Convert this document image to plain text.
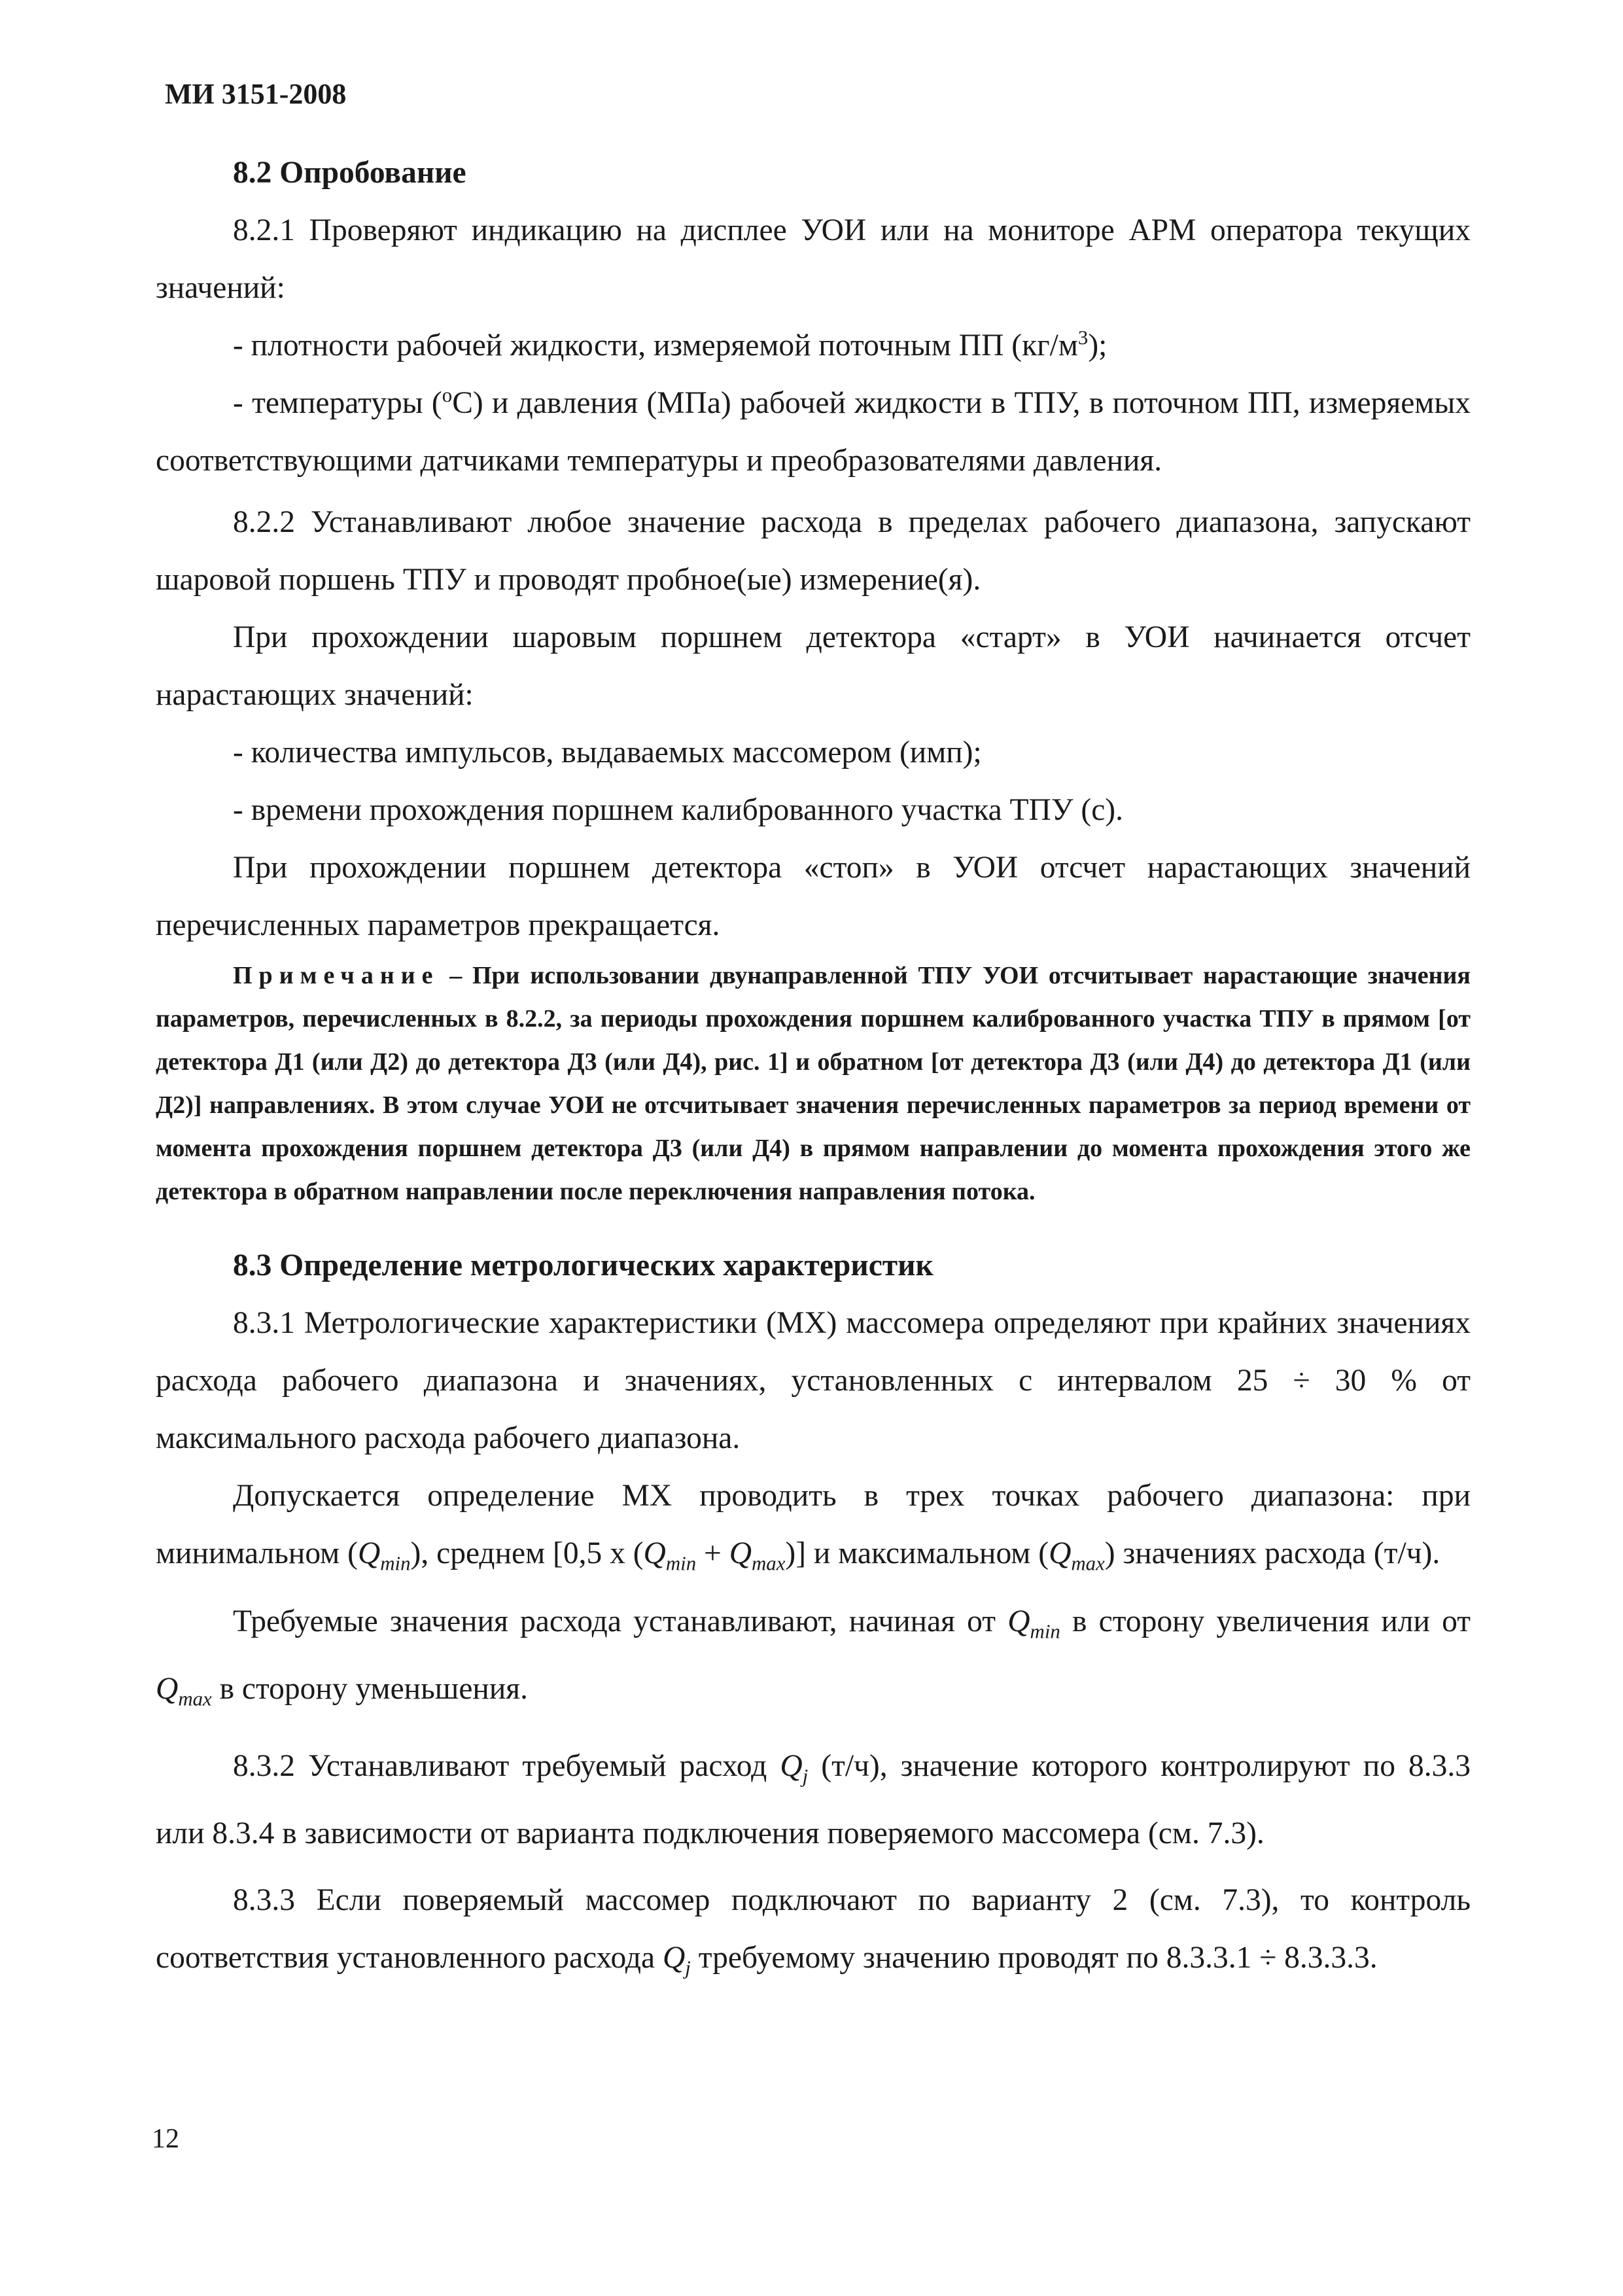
МИ 3151-2008

8.2 Опробование

8.2.1 Проверяют индикацию на дисплее УОИ или на мониторе АРМ оператора текущих значений:

- плотности рабочей жидкости, измеряемой поточным ПП $(кг/м^3)$;

- температуры ($^o$С) и давления (МПа) рабочей жидкости в ТПУ, в поточном ПП, измеряемых соответствующими датчиками температуры и преобразователями давления.

8.2.2 Устанавливают любое значение расхода в пределах рабочего диапазона, запускают шаровой поршень ТПУ и проводят пробное(ые) измерение(я).

При прохождении шаровым поршнем детектора «старт» в УОИ начинается отсчет нарастающих значений:

- количества импульсов, выдаваемых массомером (имп);

- времени прохождения поршнем калиброванного участка ТПУ (с).

При прохождении поршнем детектора «стоп» в УОИ отсчет нарастающих значений перечисленных параметров прекращается.

Примечание – При использовании двунаправленной ТПУ УОИ отсчитывает нарастающие значения параметров, перечисленных в 8.2.2, за периоды прохождения поршнем калиброванного участка ТПУ в прямом [от детектора Д1 (или Д2) до детектора Д3 (или Д4), рис. 1] и обратном [от детектора Д3 (или Д4) до детектора Д1 (или Д2)] направлениях. В этом случае УОИ не отсчитывает значения перечисленных параметров за период времени от момента прохождения поршнем детектора Д3 (или Д4) в прямом направлении до момента прохождения этого же детектора в обратном направлении после переключения направления потока.

8.3 Определение метрологических характеристик

8.3.1 Метрологические характеристики (МХ) массомера определяют при крайних значениях расхода рабочего диапазона и значениях, установленных с интервалом 25 ÷ 30 % от максимального расхода рабочего диапазона.

Допускается определение МХ проводить в трех точках рабочего диапазона: при минимальном $(Q_{min})$, среднем [0,5 х $(Q_{min} + Q_{max})$] и максимальном $(Q_{max})$ значениях расхода (т/ч).

Требуемые значения расхода устанавливают, начиная от $Q_{min}$ в сторону увеличения или от $Q_{max}$ в сторону уменьшения.

8.3.2 Устанавливают требуемый расход $Q_j$ (т/ч), значение которого контролируют по 8.3.3 или 8.3.4 в зависимости от варианта подключения поверяемого массомера (см. 7.3).

8.3.3 Если поверяемый массомер подключают по варианту 2 (см. 7.3), то контроль соответствия установленного расхода $Q_j$ требуемому значению проводят по 8.3.3.1 ÷ 8.3.3.3.

12
